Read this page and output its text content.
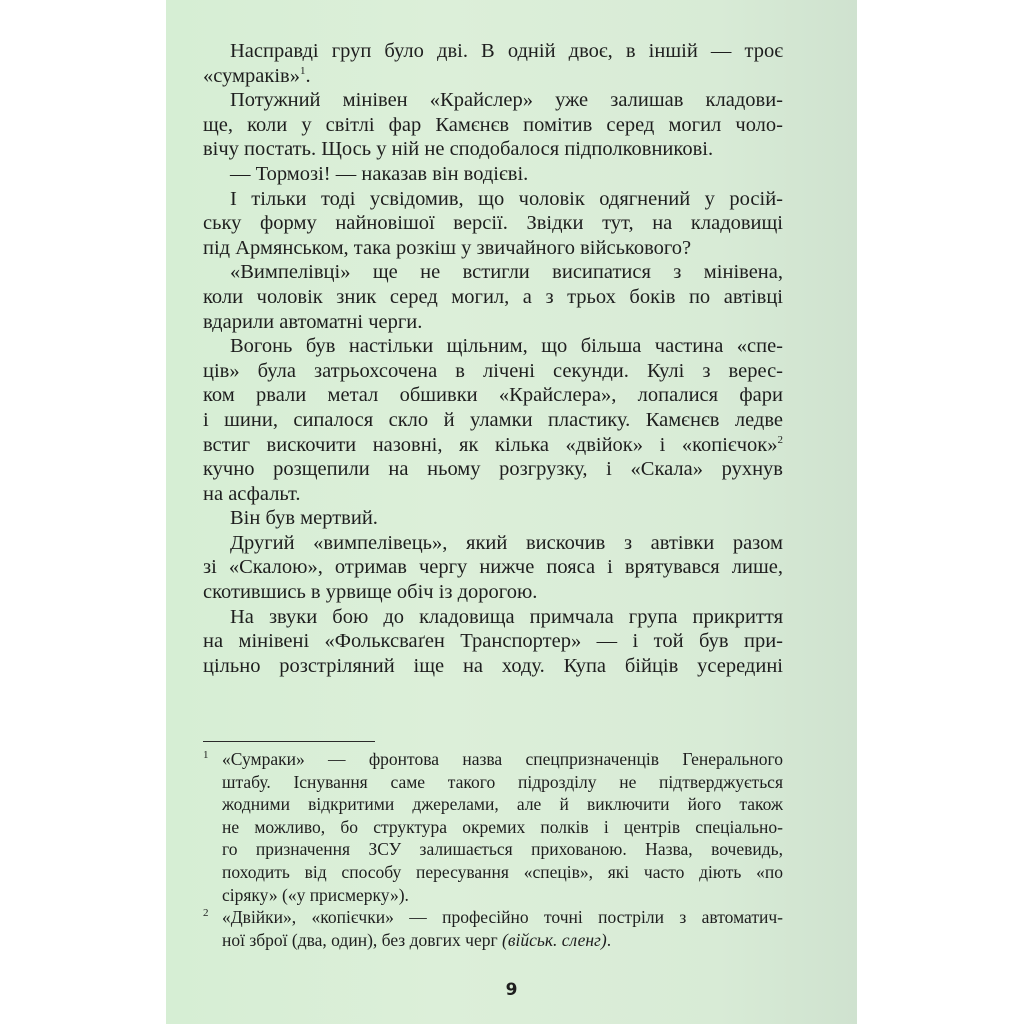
Насправді груп було дві. В одній двоє, в іншій — троє
«сумраків»$^1$.
Потужний мінівен «Крайслер» уже залишав кладови-
ще, коли у світлі фар Камєнєв помітив серед могил чоло-
вічу постать. Щось у ній не сподобалося підполковникові.
— Тормозі! — наказав він водієві.
І тільки тоді усвідомив, що чоловік одягнений у росій-
ську форму найновішої версії. Звідки тут, на кладовищі
під Армянськом, така розкіш у звичайного військового?
«Вимпелівці» ще не встигли висипатися з мінівена,
коли чоловік зник серед могил, а з трьох боків по автівці
вдарили автоматні черги.
Вогонь був настільки щільним, що більша частина «спе-
ців» була затрьохсочена в лічені секунди. Кулі з верес-
ком рвали метал обшивки «Крайслера», лопалися фари
і шини, сипалося скло й уламки пластику. Камєнєв ледве
встиг вискочити назовні, як кілька «двійок» і «копієчок»$^2$
кучно розщепили на ньому розгрузку, і «Скала» рухнув
на асфальт.
Він був мертвий.
Другий «вимпелівець», який вискочив з автівки разом
зі «Скалою», отримав чергу нижче пояса і врятувався лише,
скотившись в урвище обіч із дорогою.
На звуки бою до кладовища примчала група прикриття
на мінівені «Фольксваґен Транспортер» — і той був при-
цільно розстріляний іще на ходу. Купа бійців усередині
1 «Сумраки» — фронтова назва спецпризначенців Генерального
штабу. Існування саме такого підрозділу не підтверджується
жодними відкритими джерелами, але й виключити його також
не можливо, бо структура окремих полків і центрів спеціально-
го призначення ЗСУ залишається прихованою. Назва, вочевидь,
походить від способу пересування «спеців», які часто діють «по
сіряку» («у присмерку»).
2 «Двійки», «копієчки» — професійно точні постріли з автоматич-
ної зброї (два, один), без довгих черг (військ. сленг).
9
